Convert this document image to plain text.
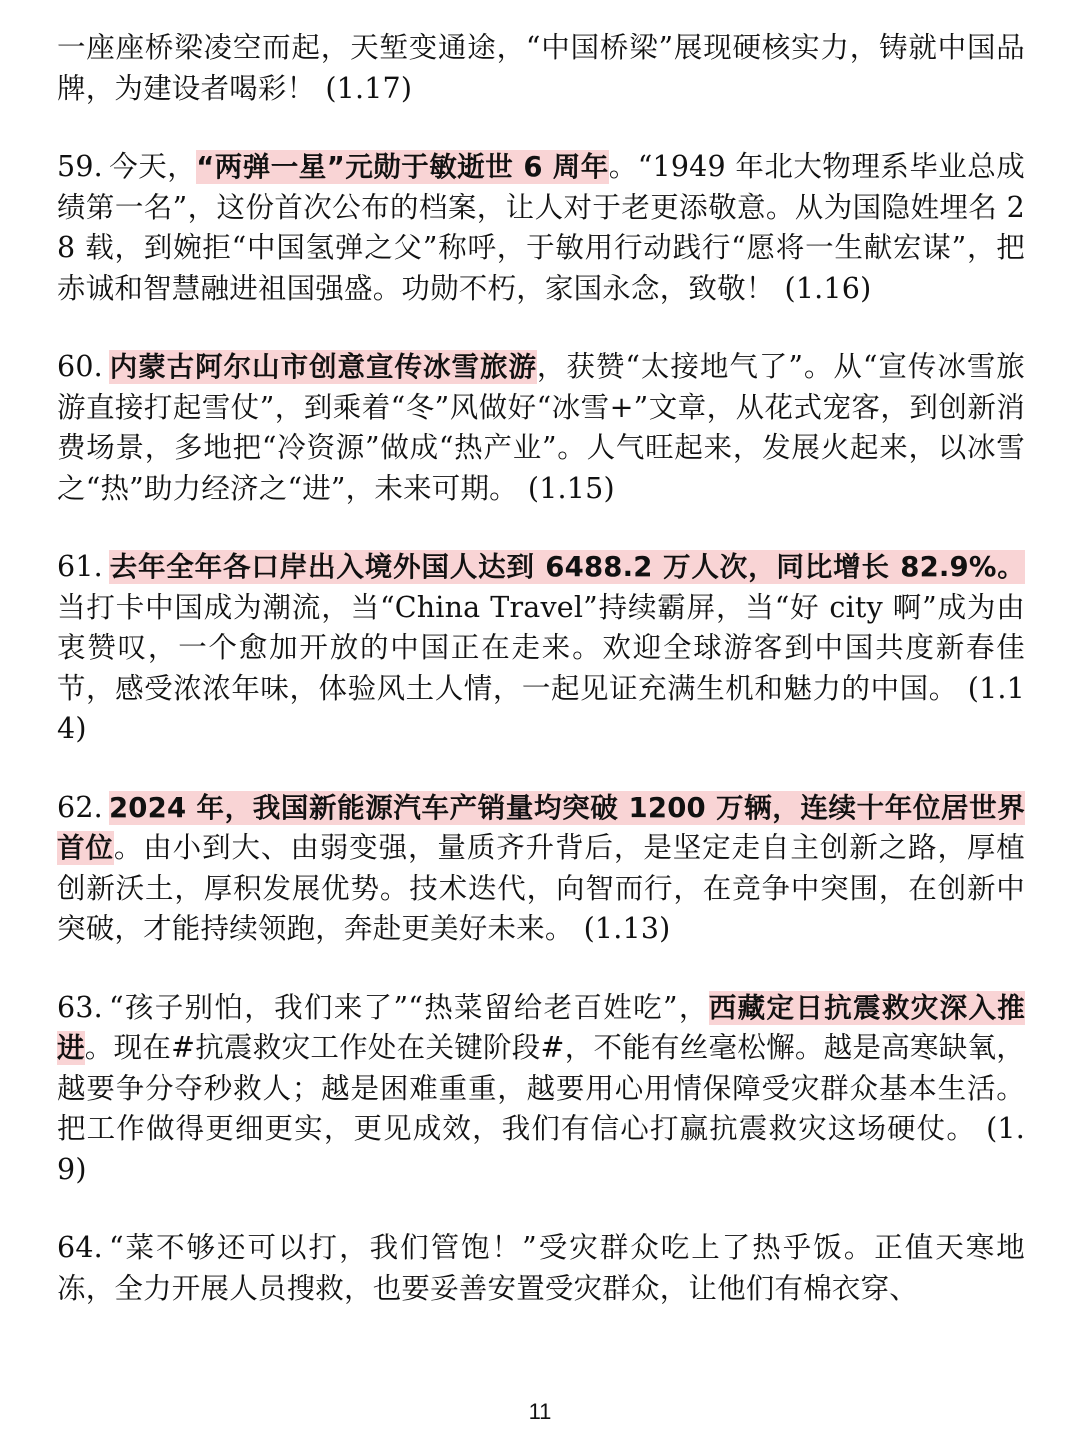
一座座桥梁凌空而起，天堑变通途，“中国桥梁”展现硬核实力，铸就中国品牌，为建设者喝彩！ (1.17)

59. 今天，“两弹一星”元勋于敏逝世 6 周年。“1949 年北大物理系毕业总成绩第一名”，这份首次公布的档案，让人对于老更添敬意。从为国隐姓埋名 28 载，到婉拒“中国氢弹之父”称呼，于敏用行动践行“愿将一生献宏谋”，把赤诚和智慧融进祖国强盛。功勋不朽，家国永念，致敬！ (1.16)

60. 内蒙古阿尔山市创意宣传冰雪旅游，获赞“太接地气了”。从“宣传冰雪旅游直接打起雪仗”，到乘着“冬”风做好“冰雪+”文章，从花式宠客，到创新消费场景，多地把“冷资源”做成“热产业”。人气旺起来，发展火起来，以冰雪之“热”助力经济之“进”，未来可期。 (1.15)

61. 去年全年各口岸出入境外国人达到 6488.2 万人次，同比增长 82.9%。当打卡中国成为潮流，当“China Travel”持续霸屏，当“好 city 啊”成为由衷赞叹，一个愈加开放的中国正在走来。欢迎全球游客到中国共度新春佳节，感受浓浓年味，体验风土人情，一起见证充满生机和魅力的中国。 (1.14)

62. 2024 年，我国新能源汽车产销量均突破 1200 万辆，连续十年位居世界首位。由小到大、由弱变强，量质齐升背后，是坚定走自主创新之路，厚植创新沃土，厚积发展优势。技术迭代，向智而行，在竞争中突围，在创新中突破，才能持续领跑，奔赴更美好未来。 (1.13)

63. “孩子别怕，我们来了”“热菜留给老百姓吃”，西藏定日抗震救灾深入推进。现在#抗震救灾工作处在关键阶段#，不能有丝毫松懈。越是高寒缺氧，越要争分夺秒救人；越是困难重重，越要用心用情保障受灾群众基本生活。把工作做得更细更实，更见成效，我们有信心打赢抗震救灾这场硬仗。 (1.9)

64. “菜不够还可以打，我们管饱！”受灾群众吃上了热乎饭。正值天寒地冻，全力开展人员搜救，也要妥善安置受灾群众，让他们有棉衣穿、

11
